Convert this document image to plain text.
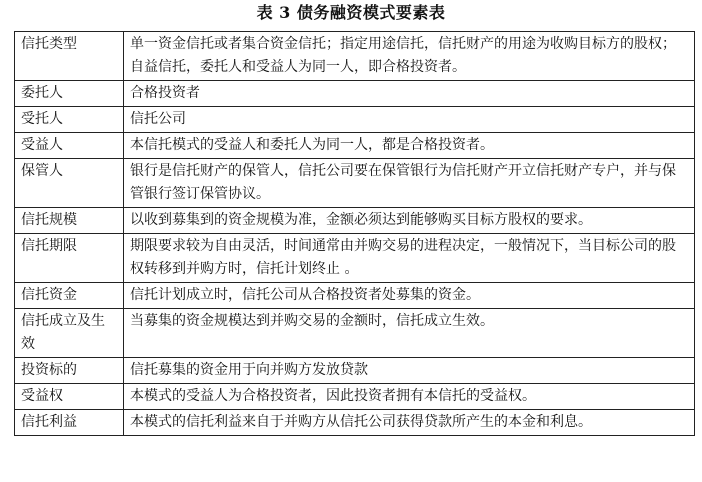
表 3 债务融资模式要素表
信托类型	单一资金信托或者集合资金信托；指定用途信托，信托财产的用途为收购目标方的股权；自益信托，委托人和受益人为同一人，即合格投资者。
委托人	合格投资者
受托人	信托公司
受益人	本信托模式的受益人和委托人为同一人，都是合格投资者。
保管人	银行是信托财产的保管人，信托公司要在保管银行为信托财产开立信托财产专户，并与保管银行签订保管协议。
信托规模	以收到募集到的资金规模为准，金额必须达到能够购买目标方股权的要求。
信托期限	期限要求较为自由灵活，时间通常由并购交易的进程决定，一般情况下，当目标公司的股权转移到并购方时，信托计划终止 。
信托资金	信托计划成立时，信托公司从合格投资者处募集的资金。
信托成立及生效	当募集的资金规模达到并购交易的金额时，信托成立生效。
投资标的	信托募集的资金用于向并购方发放贷款
受益权	本模式的受益人为合格投资者，因此投资者拥有本信托的受益权。
信托利益	本模式的信托利益来自于并购方从信托公司获得贷款所产生的本金和利息。
